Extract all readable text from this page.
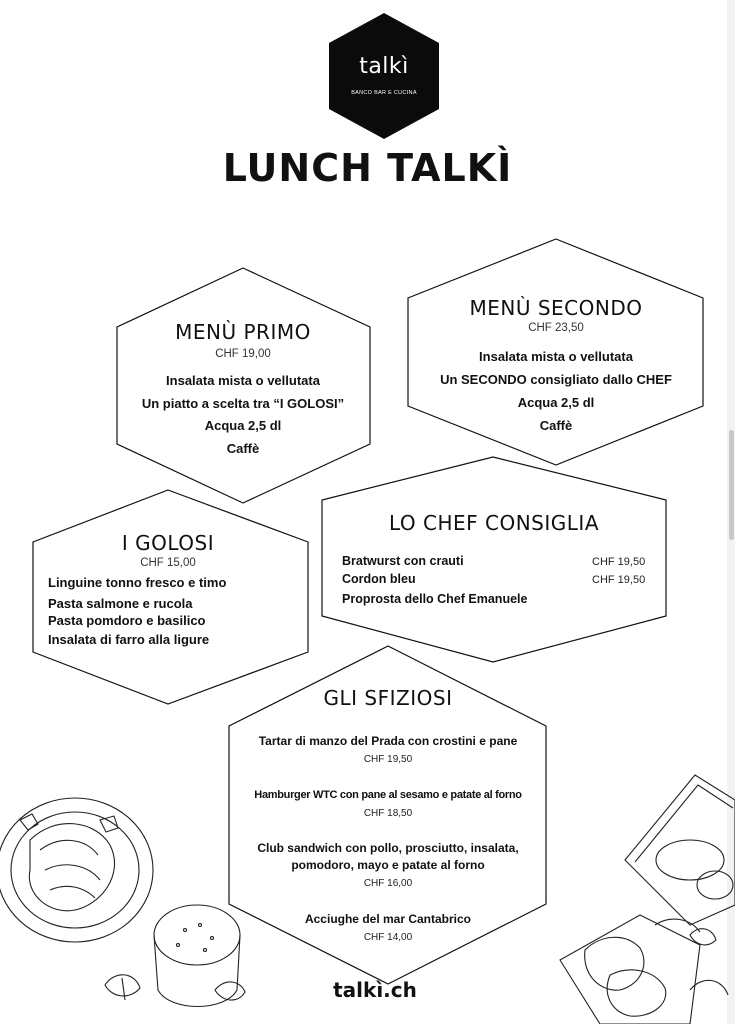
talkì
BANCO BAR E CUCINA
LUNCH TALKÌ
MENÙ PRIMO
CHF 19,00
Insalata mista o vellutata
Un piatto a scelta tra “I GOLOSI”
Acqua 2,5 dl
Caffè
MENÙ SECONDO
CHF 23,50
Insalata mista o vellutata
Un SECONDO consigliato dallo CHEF
Acqua 2,5 dl
Caffè
I GOLOSI
CHF 15,00
Linguine tonno fresco e timo
Pasta salmone e rucola
Pasta pomdoro e basilico
Insalata di farro alla ligure
LO CHEF CONSIGLIA
Bratwurst con crauti	CHF 19,50
Cordon bleu	CHF 19,50
Proprosta dello Chef Emanuele
GLI SFIZIOSI
Tartar di manzo del Prada con crostini e pane
CHF 19,50
Hamburger WTC con pane al sesamo e patate al forno
CHF 18,50
Club sandwich con pollo, prosciutto, insalata,
pomodoro, mayo e patate al forno
CHF 16,00
Acciughe del mar Cantabrico
CHF 14,00
talkì.ch
